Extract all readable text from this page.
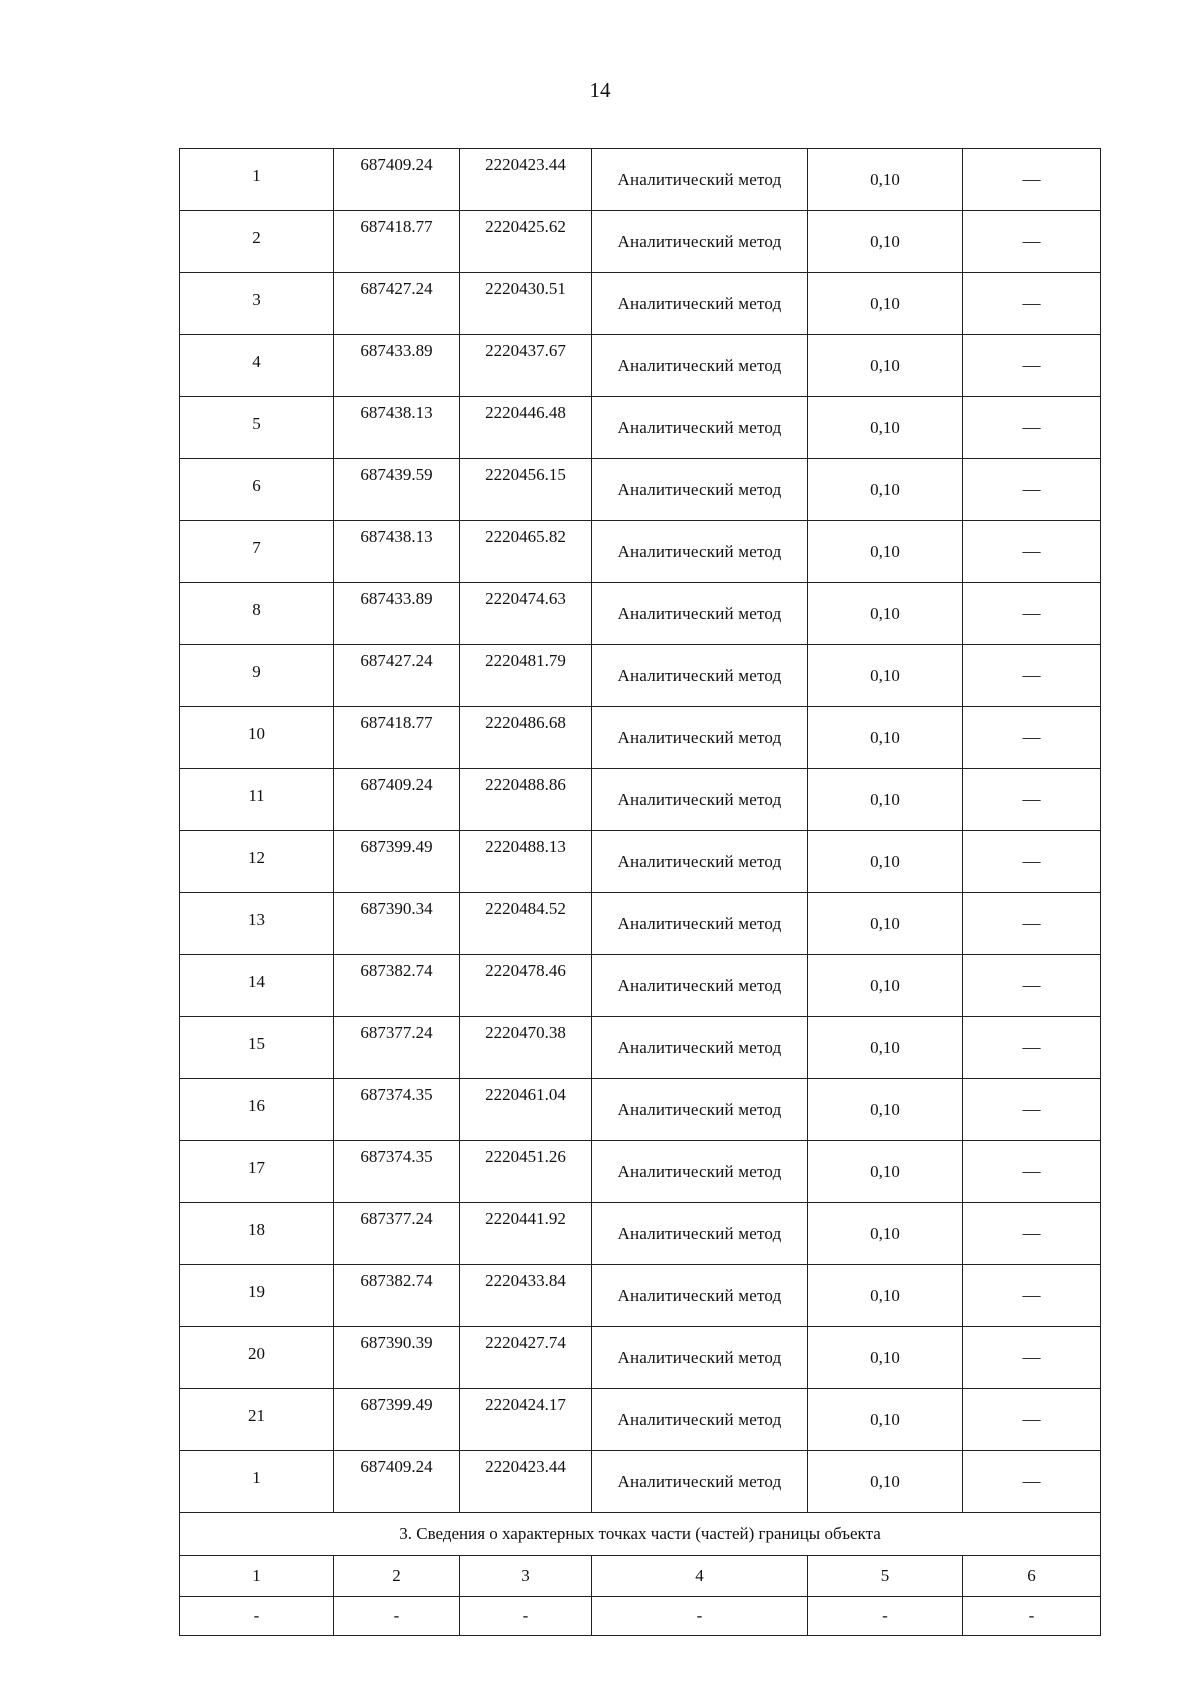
14
1	687409.24	2220423.44	Аналитический метод	0,10	—
2	687418.77	2220425.62	Аналитический метод	0,10	—
3	687427.24	2220430.51	Аналитический метод	0,10	—
4	687433.89	2220437.67	Аналитический метод	0,10	—
5	687438.13	2220446.48	Аналитический метод	0,10	—
6	687439.59	2220456.15	Аналитический метод	0,10	—
7	687438.13	2220465.82	Аналитический метод	0,10	—
8	687433.89	2220474.63	Аналитический метод	0,10	—
9	687427.24	2220481.79	Аналитический метод	0,10	—
10	687418.77	2220486.68	Аналитический метод	0,10	—
11	687409.24	2220488.86	Аналитический метод	0,10	—
12	687399.49	2220488.13	Аналитический метод	0,10	—
13	687390.34	2220484.52	Аналитический метод	0,10	—
14	687382.74	2220478.46	Аналитический метод	0,10	—
15	687377.24	2220470.38	Аналитический метод	0,10	—
16	687374.35	2220461.04	Аналитический метод	0,10	—
17	687374.35	2220451.26	Аналитический метод	0,10	—
18	687377.24	2220441.92	Аналитический метод	0,10	—
19	687382.74	2220433.84	Аналитический метод	0,10	—
20	687390.39	2220427.74	Аналитический метод	0,10	—
21	687399.49	2220424.17	Аналитический метод	0,10	—
1	687409.24	2220423.44	Аналитический метод	0,10	—
3. Сведения о характерных точках части (частей) границы объекта					
1	2	3	4	5	6
-	-	-	-	-	-
